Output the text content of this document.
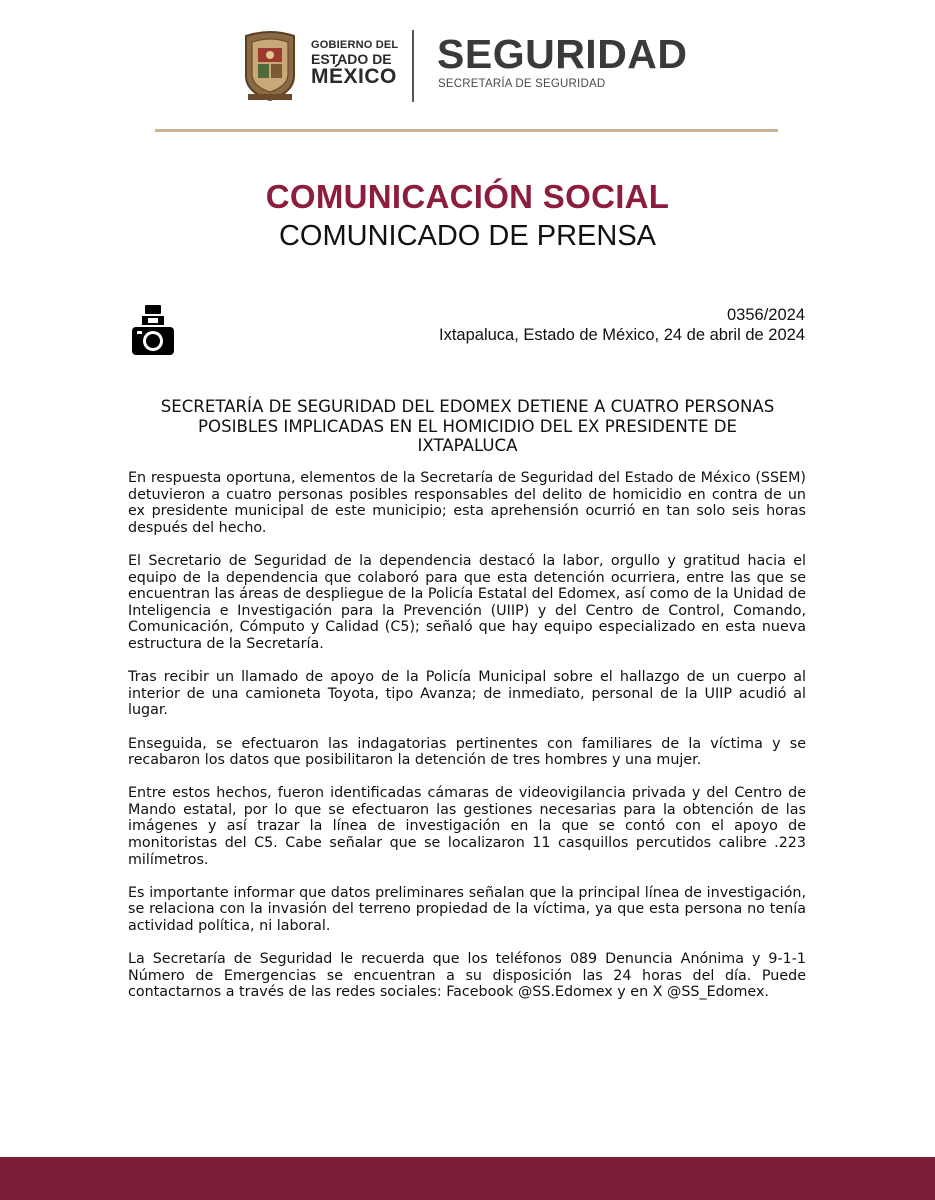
GOBIERNO DEL
ESTADO DE
MÉXICO SEGURIDAD
SECRETARÍA DE SEGURIDAD
COMUNICACIÓN SOCIAL
COMUNICADO DE PRENSA
0356/2024
Ixtapaluca, Estado de México, 24 de abril de 2024
SECRETARÍA DE SEGURIDAD DEL EDOMEX DETIENE A CUATRO PERSONAS POSIBLES IMPLICADAS EN EL HOMICIDIO DEL EX PRESIDENTE DE IXTAPALUCA

En respuesta oportuna, elementos de la Secretaría de Seguridad del Estado de México (SSEM) detuvieron a cuatro personas posibles responsables del delito de homicidio en contra de un ex presidente municipal de este municipio; esta aprehensión ocurrió en tan solo seis horas después del hecho.

El Secretario de Seguridad de la dependencia destacó la labor, orgullo y gratitud hacia el equipo de la dependencia que colaboró para que esta detención ocurriera, entre las que se encuentran las áreas de despliegue de la Policía Estatal del Edomex, así como de la Unidad de Inteligencia e Investigación para la Prevención (UIIP) y del Centro de Control, Comando, Comunicación, Cómputo y Calidad (C5); señaló que hay equipo especializado en esta nueva estructura de la Secretaría.

Tras recibir un llamado de apoyo de la Policía Municipal sobre el hallazgo de un cuerpo al interior de una camioneta Toyota, tipo Avanza; de inmediato, personal de la UIIP acudió al lugar.

Enseguida, se efectuaron las indagatorias pertinentes con familiares de la víctima y se recabaron los datos que posibilitaron la detención de tres hombres y una mujer.

Entre estos hechos, fueron identificadas cámaras de videovigilancia privada y del Centro de Mando estatal, por lo que se efectuaron las gestiones necesarias para la obtención de las imágenes y así trazar la línea de investigación en la que se contó con el apoyo de monitoristas del C5. Cabe señalar que se localizaron 11 casquillos percutidos calibre .223 milímetros.

Es importante informar que datos preliminares señalan que la principal línea de investigación, se relaciona con la invasión del terreno propiedad de la víctima, ya que esta persona no tenía actividad política, ni laboral.

La Secretaría de Seguridad le recuerda que los teléfonos 089 Denuncia Anónima y 9-1-1 Número de Emergencias se encuentran a su disposición las 24 horas del día. Puede contactarnos a través de las redes sociales: Facebook @SS.Edomex y en X @SS_Edomex.
